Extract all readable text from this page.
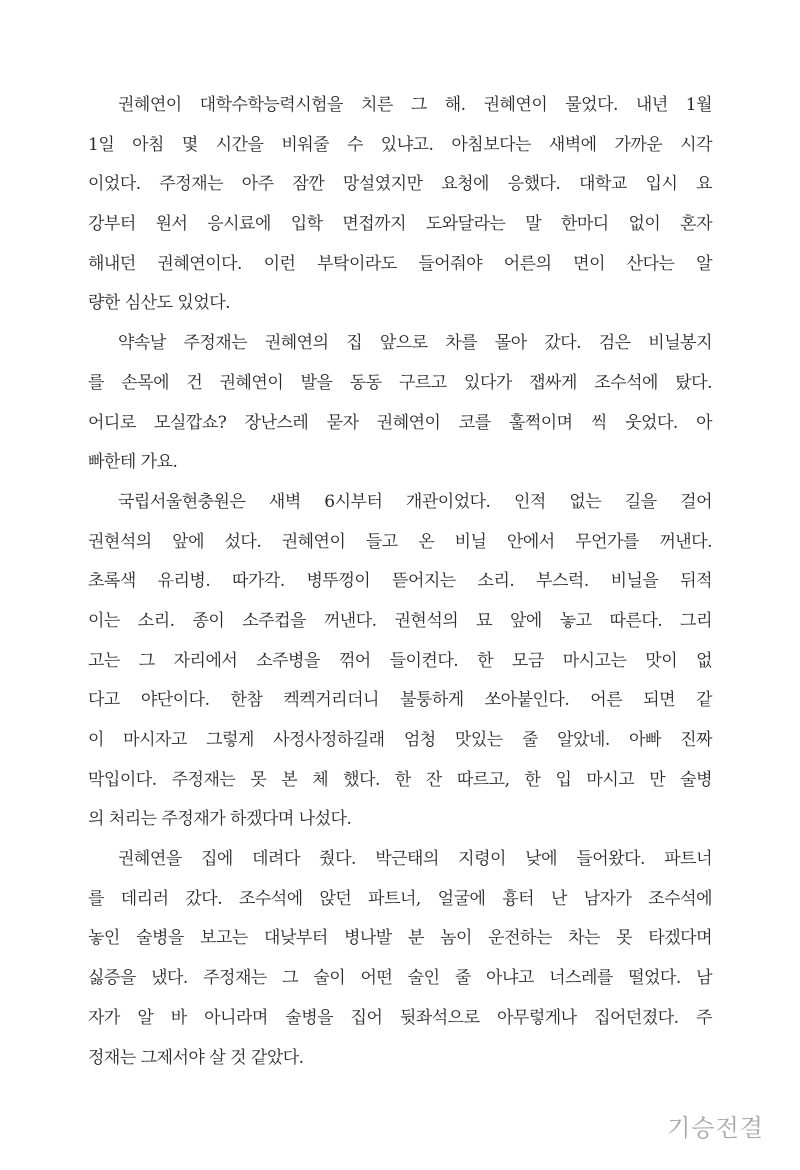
권혜연이 대학수학능력시험을 치른 그 해. 권혜연이 물었다. 내년 1월
1일 아침 몇 시간을 비워줄 수 있냐고. 아침보다는 새벽에 가까운 시각
이었다. 주정재는 아주 잠깐 망설였지만 요청에 응했다. 대학교 입시 요
강부터 원서 응시료에 입학 면접까지 도와달라는 말 한마디 없이 혼자
해내던 권혜연이다. 이런 부탁이라도 들어줘야 어른의 면이 산다는 알
량한 심산도 있었다.
약속날 주정재는 권혜연의 집 앞으로 차를 몰아 갔다. 검은 비닐봉지
를 손목에 건 권혜연이 발을 동동 구르고 있다가 잽싸게 조수석에 탔다.
어디로 모실깝쇼? 장난스레 묻자 권혜연이 코를 훌쩍이며 씩 웃었다. 아
빠한테 가요.
국립서울현충원은 새벽 6시부터 개관이었다. 인적 없는 길을 걸어
권현석의 앞에 섰다. 권혜연이 들고 온 비닐 안에서 무언가를 꺼낸다.
초록색 유리병. 따가각. 병뚜껑이 뜯어지는 소리. 부스럭. 비닐을 뒤적
이는 소리. 종이 소주컵을 꺼낸다. 권현석의 묘 앞에 놓고 따른다. 그리
고는 그 자리에서 소주병을 꺾어 들이켠다. 한 모금 마시고는 맛이 없
다고 야단이다. 한참 켁켁거리더니 불퉁하게 쏘아붙인다. 어른 되면 같
이 마시자고 그렇게 사정사정하길래 엄청 맛있는 줄 알았네. 아빠 진짜
막입이다. 주정재는 못 본 체 했다. 한 잔 따르고, 한 입 마시고 만 술병
의 처리는 주정재가 하겠다며 나섰다.
권혜연을 집에 데려다 줬다. 박근태의 지령이 낮에 들어왔다. 파트너
를 데리러 갔다. 조수석에 앉던 파트너, 얼굴에 흉터 난 남자가 조수석에
놓인 술병을 보고는 대낮부터 병나발 분 놈이 운전하는 차는 못 타겠다며
싫증을 냈다. 주정재는 그 술이 어떤 술인 줄 아냐고 너스레를 떨었다. 남
자가 알 바 아니라며 술병을 집어 뒷좌석으로 아무렇게나 집어던졌다. 주
정재는 그제서야 살 것 같았다.
기승전결
